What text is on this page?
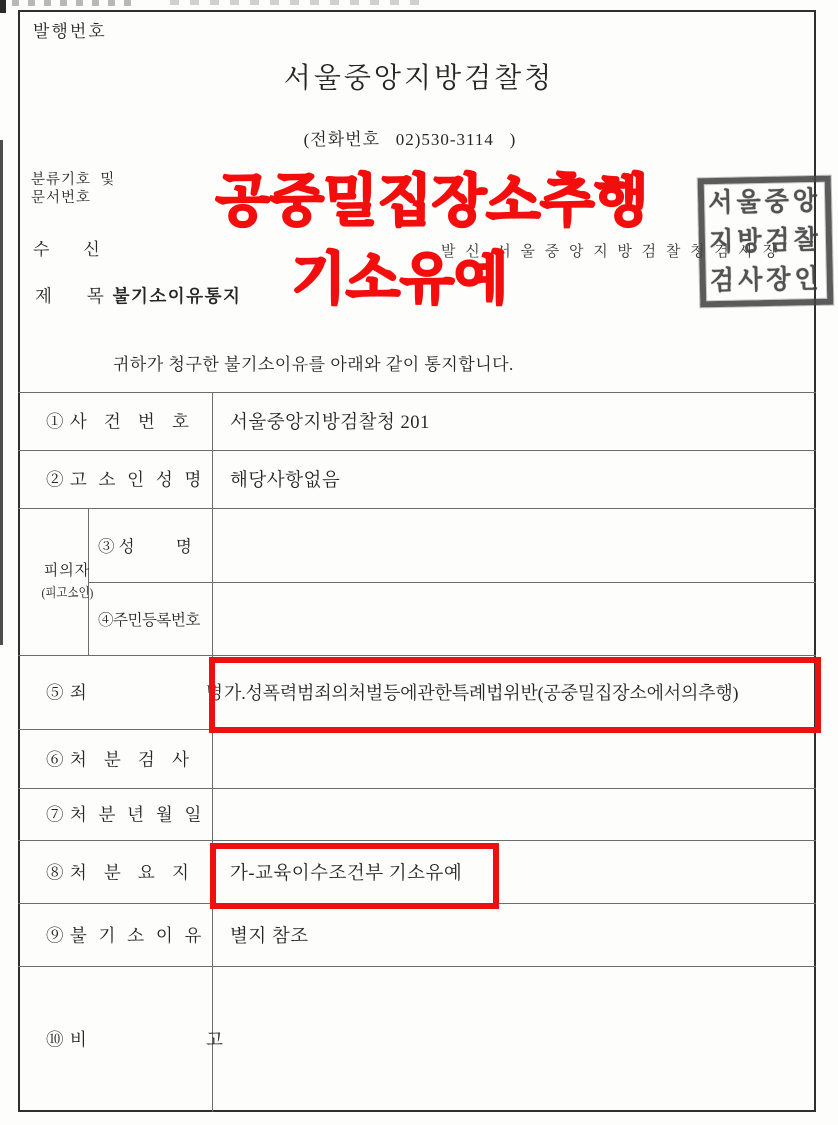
발행번호
서울중앙지방검찰청
(전화번호   02)530-3114   )
분류기호  및
문서번호
수        신	발 신  서 울 중 앙 지 방 검 찰 청 검 사 장
제        목  불기소이유통지
귀하가 청구한 불기소이유를 아래와 같이 통지합니다.
서울중앙
지방검찰
검사장인
공중밀집장소추행
기소유예
① 사   건   번   호 서울중앙지방검찰청 201
② 고  소  인  성  명 해당사항없음
피의자
(피고소인)
③ 성          명
④주민등록번호
⑤ 죄                      명 가.성폭력범죄의처벌등에관한특례법위반(공중밀집장소에서의추행)
⑥ 처   분   검   사
⑦ 처  분  년  월  일
⑧ 처   분   요   지 가-교육이수조건부 기소유예
⑨ 불  기  소  이  유 별지 참조
⑩ 비                      고
